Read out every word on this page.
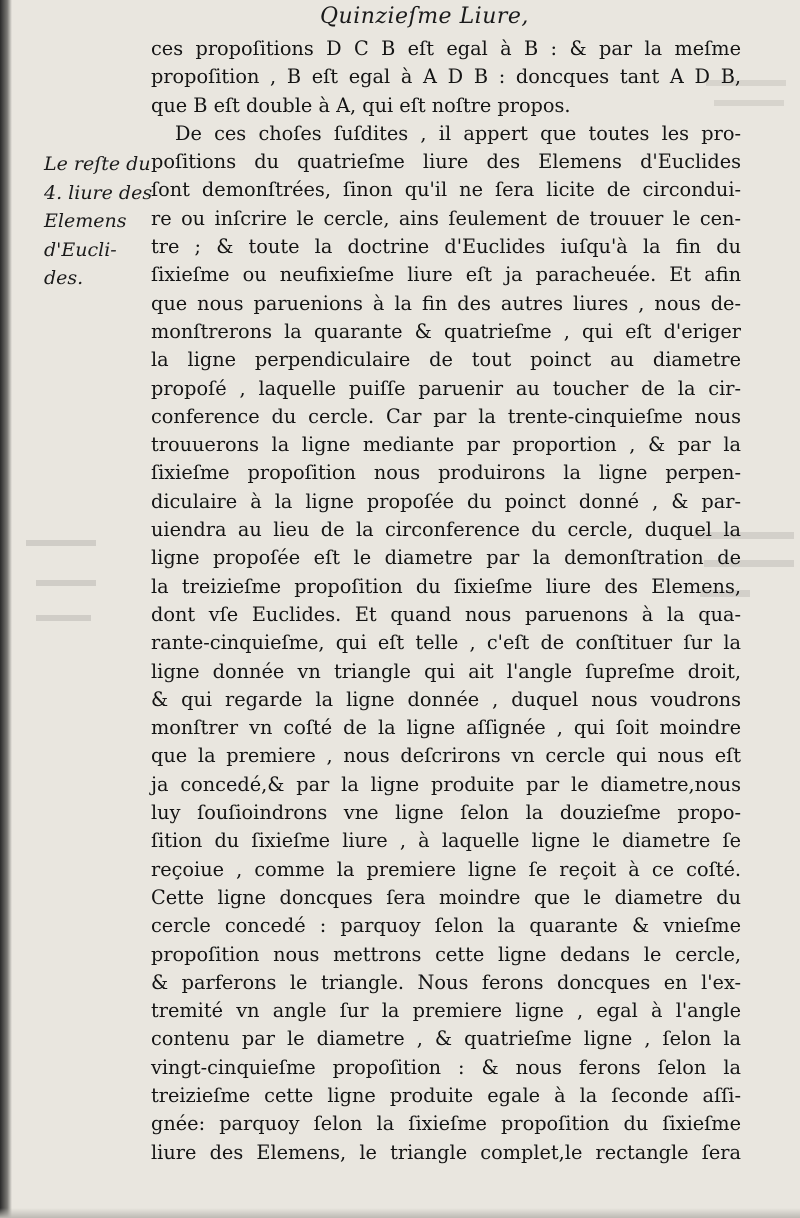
Quinzieſme Liure,
Le reſte du
4. liure des
Elemens
d'Eucli-
des.
ces propoſitions D C B eſt egal à B : & par la meſme
propoſition , B eſt egal à A D B : doncques tant A D B,
que B eſt double à A, qui eſt noſtre propos.
De ces choſes ſuſdites , il appert que toutes les pro-
poſitions du quatrieſme liure des Elemens d'Euclides
ſont demonſtrées, ſinon qu'il ne ſera licite de circondui-
re ou inſcrire le cercle, ains ſeulement de trouuer le cen-
tre ; & toute la doctrine d'Euclides iuſqu'à la fin du
ſixieſme ou neufixieſme liure eſt ja paracheuée. Et afin
que nous paruenions à la fin des autres liures , nous de-
monſtrerons la quarante & quatrieſme , qui eſt d'eriger
la ligne perpendiculaire de tout poinct au diametre
propoſé , laquelle puiſſe paruenir au toucher de la cir-
conference du cercle. Car par la trente-cinquieſme nous
trouuerons la ligne mediante par proportion , & par la
ſixieſme propoſition nous produirons la ligne perpen-
diculaire à la ligne propoſée du poinct donné , & par-
uiendra au lieu de la circonference du cercle, duquel la
ligne propoſée eſt le diametre par la demonſtration de
la treizieſme propoſition du ſixieſme liure des Elemens,
dont vſe Euclides. Et quand nous paruenons à la qua-
rante-cinquieſme, qui eſt telle , c'eſt de conſtituer ſur la
ligne donnée vn triangle qui ait l'angle ſupreſme droit,
& qui regarde la ligne donnée , duquel nous voudrons
monſtrer vn coſté de la ligne aſſignée , qui ſoit moindre
que la premiere , nous deſcrirons vn cercle qui nous eſt
ja concedé,& par la ligne produite par le diametre,nous
luy ſouſioindrons vne ligne ſelon la douzieſme propo-
ſition du ſixieſme liure , à laquelle ligne le diametre ſe
reçoiue , comme la premiere ligne ſe reçoit à ce coſté.
Cette ligne doncques ſera moindre que le diametre du
cercle concedé : parquoy ſelon la quarante & vnieſme
propoſition nous mettrons cette ligne dedans le cercle,
& parferons le triangle. Nous ferons doncques en l'ex-
tremité vn angle ſur la premiere ligne , egal à l'angle
contenu par le diametre , & quatrieſme ligne , ſelon la
vingt-cinquieſme propoſition : & nous ferons ſelon la
treizieſme cette ligne produite egale à la ſeconde aſſi-
gnée: parquoy ſelon la ſixieſme propoſition du ſixieſme
liure des Elemens, le triangle complet,le rectangle ſera
